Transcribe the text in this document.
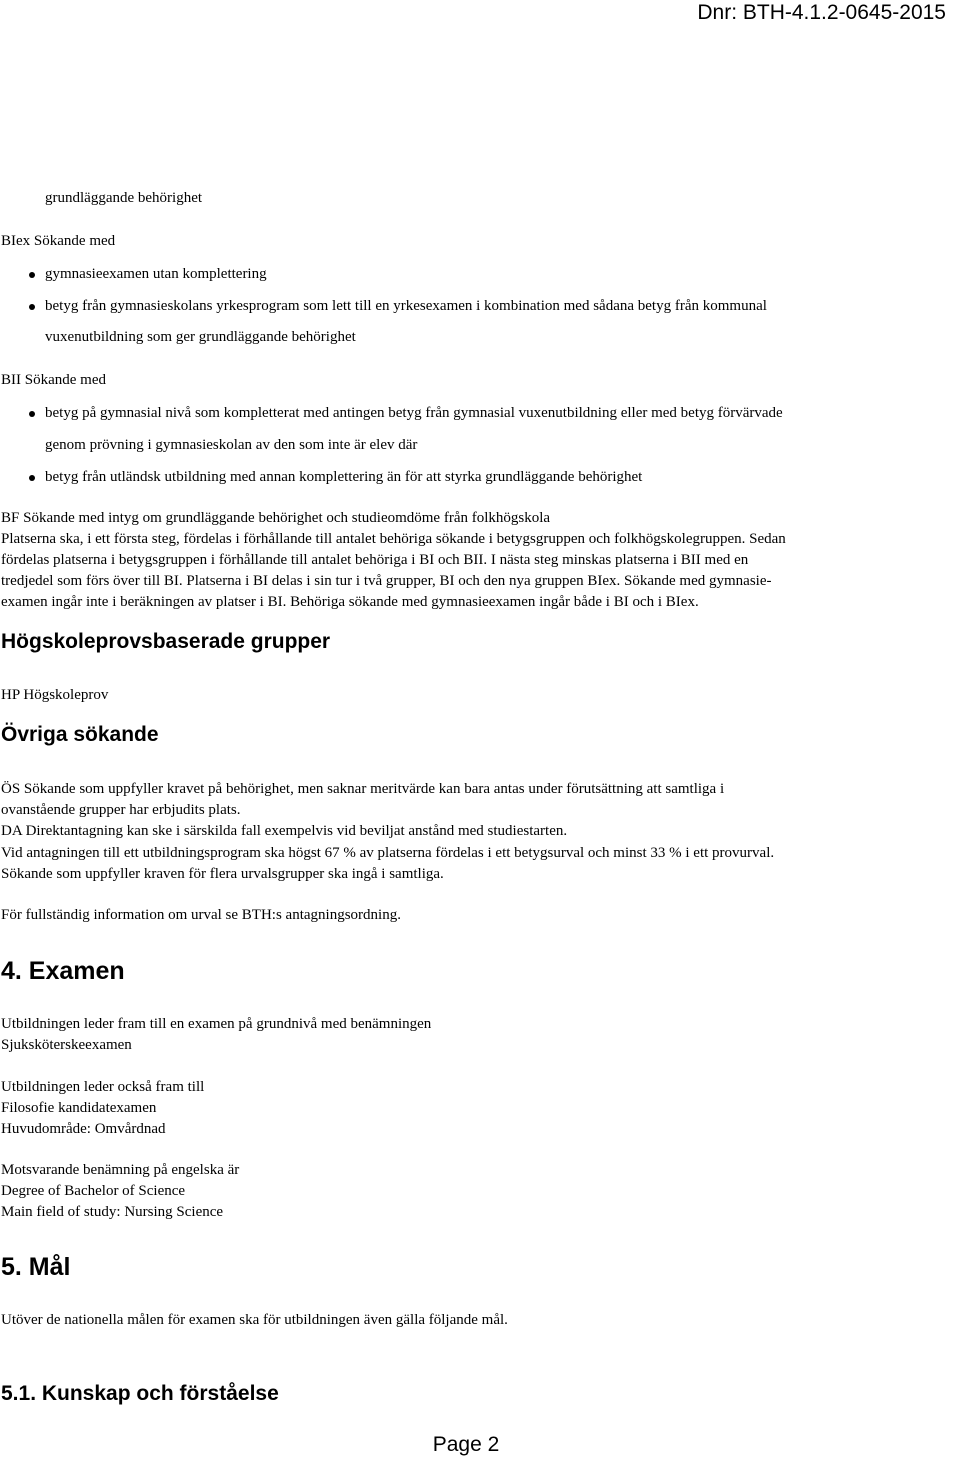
Dnr: BTH-4.1.2-0645-2015
grundläggande behörighet
BIex Sökande med
gymnasieexamen utan komplettering
betyg från gymnasieskolans yrkesprogram som lett till en yrkesexamen i kombination med sådana betyg från kommunal
vuxenutbildning som ger grundläggande behörighet
BII Sökande med
betyg på gymnasial nivå som kompletterat med antingen betyg från gymnasial vuxenutbildning eller med betyg förvärvade
genom prövning i gymnasieskolan av den som inte är elev där
betyg från utländsk utbildning med annan komplettering än för att styrka grundläggande behörighet
BF Sökande med intyg om grundläggande behörighet och studieomdöme från folkhögskola
Platserna ska, i ett första steg, fördelas i förhållande till antalet behöriga sökande i betygsgruppen och folkhögskolegruppen. Sedan
fördelas platserna i betygsgruppen i förhållande till antalet behöriga i BI och BII. I nästa steg minskas platserna i BII med en
tredjedel som förs över till BI. Platserna i BI delas i sin tur i två grupper, BI och den nya gruppen BIex. Sökande med gymnasie-
examen ingår inte i beräkningen av platser i BI. Behöriga sökande med gymnasieexamen ingår både i BI och i BIex.
Högskoleprovsbaserade grupper
HP Högskoleprov
Övriga sökande
ÖS Sökande som uppfyller kravet på behörighet, men saknar meritvärde kan bara antas under förutsättning att samtliga i
ovanstående grupper har erbjudits plats.
DA Direktantagning kan ske i särskilda fall exempelvis vid beviljat anstånd med studiestarten.
Vid antagningen till ett utbildningsprogram ska högst 67 % av platserna fördelas i ett betygsurval och minst 33 % i ett provurval.
Sökande som uppfyller kraven för flera urvalsgrupper ska ingå i samtliga.
För fullständig information om urval se BTH:s antagningsordning.
4. Examen
Utbildningen leder fram till en examen på grundnivå med benämningen
Sjuksköterskeexamen
Utbildningen leder också fram till
Filosofie kandidatexamen
Huvudområde: Omvårdnad
Motsvarande benämning på engelska är
Degree of Bachelor of Science
Main field of study: Nursing Science
5. Mål
Utöver de nationella målen för examen ska för utbildningen även gälla följande mål.
5.1. Kunskap och förståelse
Page 2
